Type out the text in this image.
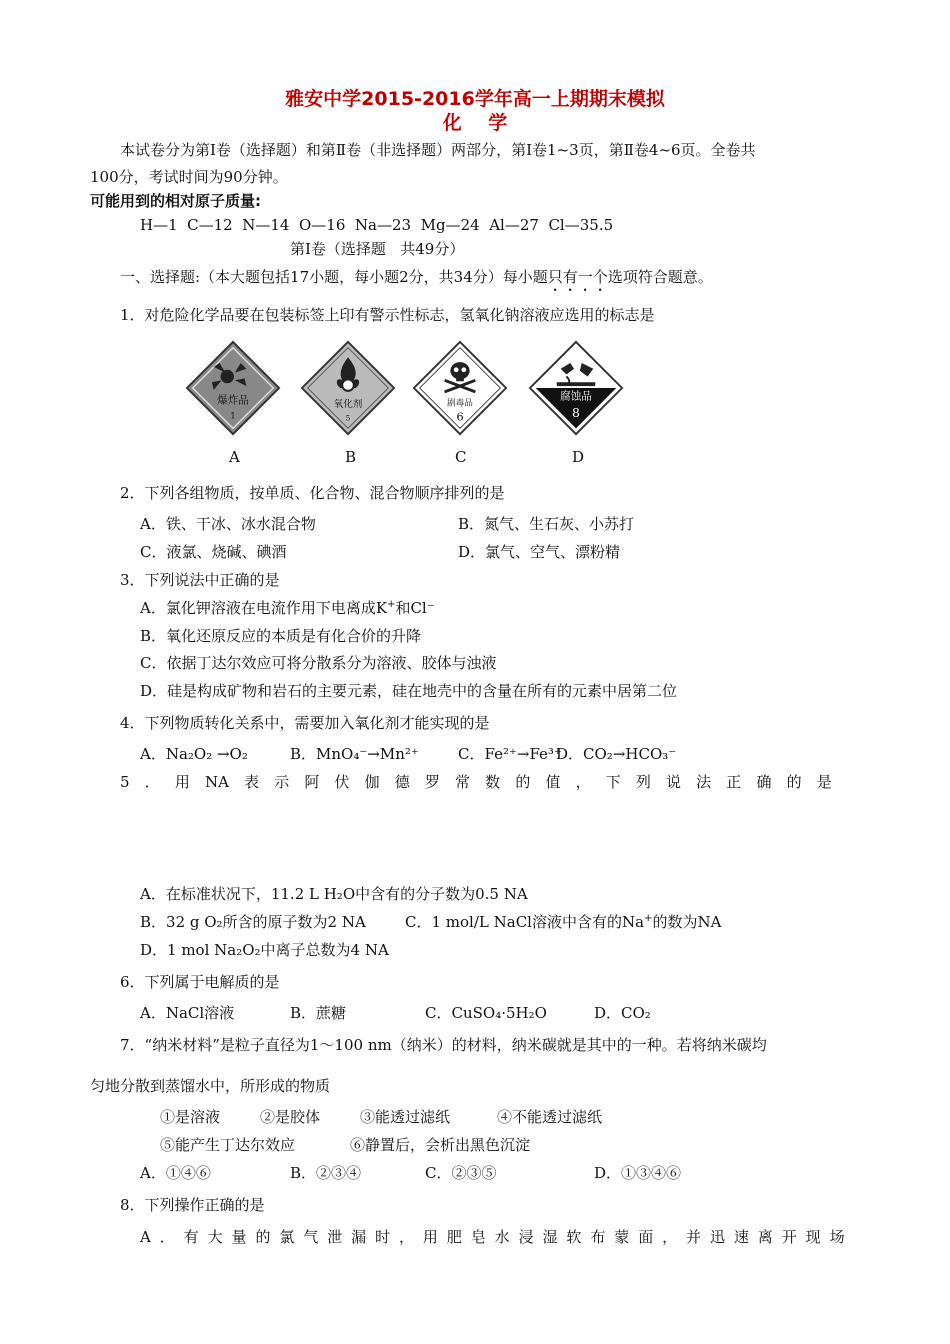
雅安中学2015-2016学年高一上期期末模拟
化    学
本试卷分为第Ⅰ卷（选择题）和第Ⅱ卷（非选择题）两部分，第Ⅰ卷1~3页，第Ⅱ卷4~6页。全卷共
100分，考试时间为90分钟。
可能用到的相对原子质量:
H—1  C—12  N—14  O—16  Na—23  Mg—24  Al—27  Cl—35.5
第Ⅰ卷（选择题   共49分）
一、选择题:（本大题包括17小题，每小题2分，共34分）每小题只有一个选项符合题意。
1．对危险化学品要在包装标签上印有警示性标志，氢氧化钠溶液应选用的标志是
爆炸品
1
氧化剂
5
剧毒品
6
腐蚀品
8
A	B	C	D
2．下列各组物质，按单质、化合物、混合物顺序排列的是
A．铁、干冰、冰水混合物	B．氮气、生石灰、小苏打
C．液氯、烧碱、碘酒	D．氯气、空气、漂粉精
3．下列说法中正确的是
A．氯化钾溶液在电流作用下电离成K+和Cl⁻
B．氧化还原反应的本质是有化合价的升降
C．依据丁达尔效应可将分散系分为溶液、胶体与浊液
D．硅是构成矿物和岩石的主要元素，硅在地壳中的含量在所有的元素中居第二位
4．下列物质转化关系中，需要加入氧化剂才能实现的是
A．Na₂O₂ →O₂	B．MnO₄⁻→Mn²⁺	C．Fe²⁺→Fe³⁺
D．CO₂→HCO₃⁻
5 ． 用 NA 表 示 阿 伏 伽 德 罗 常 数 的 值 ， 下 列 说 法 正 确 的 是
A．在标准状况下，11.2 L H₂O中含有的分子数为0.5 NA
B．32 g O₂所含的原子数为2 NA	C．1 mol/L NaCl溶液中含有的Na+的数为NA
D．1 mol Na₂O₂中离子总数为4 NA
6．下列属于电解质的是
A．NaCl溶液	B．蔗糖	C．CuSO₄·5H₂O	D．CO₂
7．“纳米材料”是粒子直径为1～100 nm（纳米）的材料，纳米碳就是其中的一种。若将纳米碳均
匀地分散到蒸馏水中，所形成的物质
①是溶液	②是胶体	③能透过滤纸	④不能透过滤纸
⑤能产生丁达尔效应	⑥静置后，会析出黑色沉淀
A．①④⑥	B．②③④	C．②③⑤	D．①③④⑥
8．下列操作正确的是
A ． 有 大 量 的 氯 气 泄 漏 时 ， 用 肥 皂 水 浸 湿 软 布 蒙 面 ， 并 迅 速 离 开 现 场
